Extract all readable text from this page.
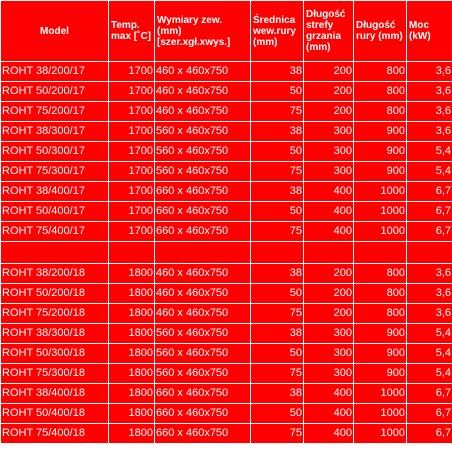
Model	Temp. max [˚C]	Wymiary zew. (mm) [szer.xgł.xwys.]	Średnica wew.rury (mm)	Długość strefy grzania (mm)	Długość rury (mm)	Moc (kW)
ROHT 38/200/17	1700	460 x 460x750	38	200	800	3,6
ROHT 50/200/17	1700	460 x 460x750	50	200	800	3,6
ROHT 75/200/17	1700	460 x 460x750	75	200	800	3,6
ROHT 38/300/17	1700	560 x 460x750	38	300	900	3,6
ROHT 50/300/17	1700	560 x 460x750	50	300	900	5,4
ROHT 75/300/17	1700	560 x 460x750	75	300	900	5,4
ROHT 38/400/17	1700	660 x 460x750	38	400	1000	6,7
ROHT 50/400/17	1700	660 x 460x750	50	400	1000	6,7
ROHT 75/400/17	1700	660 x 460x750	75	400	1000	6,7

ROHT 38/200/18	1800	460 x 460x750	38	200	800	3,6
ROHT 50/200/18	1800	460 x 460x750	50	200	800	3,6
ROHT 75/200/18	1800	460 x 460x750	75	200	800	3,6
ROHT 38/300/18	1800	560 x 460x750	38	300	900	5,4
ROHT 50/300/18	1800	560 x 460x750	50	300	900	5,4
ROHT 75/300/18	1800	560 x 460x750	75	300	900	5,4
ROHT 38/400/18	1800	660 x 460x750	38	400	1000	6,7
ROHT 50/400/18	1800	660 x 460x750	50	400	1000	6,7
ROHT 75/400/18	1800	660 x 460x750	75	400	1000	6,7
